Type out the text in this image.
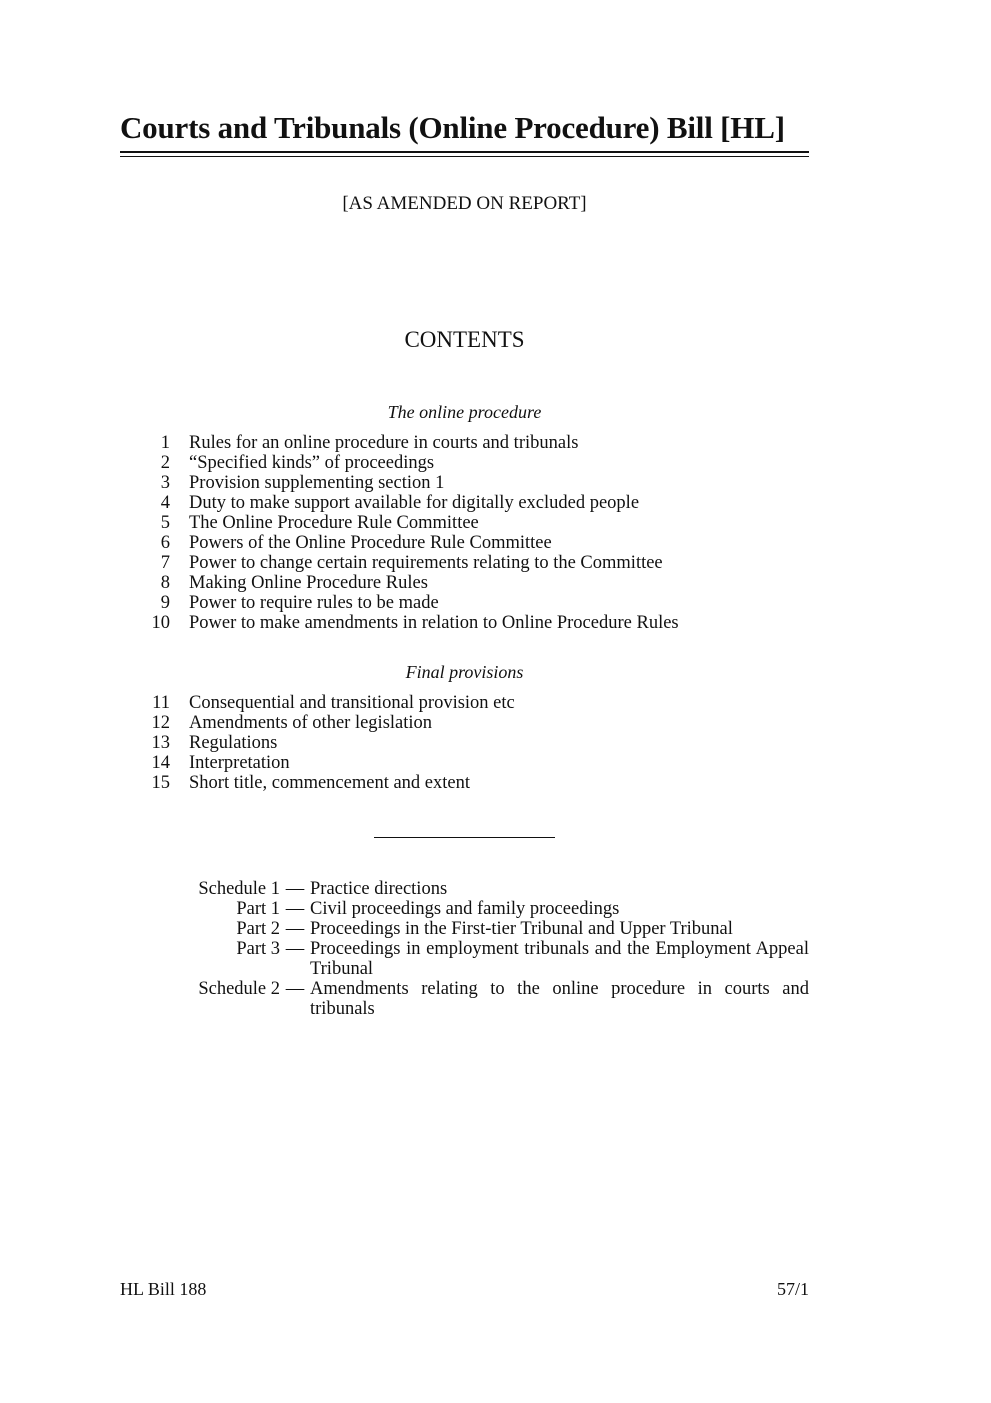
Courts and Tribunals (Online Procedure) Bill [HL]
[AS AMENDED ON REPORT]
CONTENTS
The online procedure
1 Rules for an online procedure in courts and tribunals
2 “Specified kinds” of proceedings
3 Provision supplementing section 1
4 Duty to make support available for digitally excluded people
5 The Online Procedure Rule Committee
6 Powers of the Online Procedure Rule Committee
7 Power to change certain requirements relating to the Committee
8 Making Online Procedure Rules
9 Power to require rules to be made
10 Power to make amendments in relation to Online Procedure Rules
Final provisions
11 Consequential and transitional provision etc
12 Amendments of other legislation
13 Regulations
14 Interpretation
15 Short title, commencement and extent
Schedule 1 — Practice directions
Part 1 — Civil proceedings and family proceedings
Part 2 — Proceedings in the First-tier Tribunal and Upper Tribunal
Part 3 — Proceedings in employment tribunals and the Employment Appeal Tribunal
Schedule 2 — Amendments relating to the online procedure in courts and tribunals
HL Bill 188	57/1
